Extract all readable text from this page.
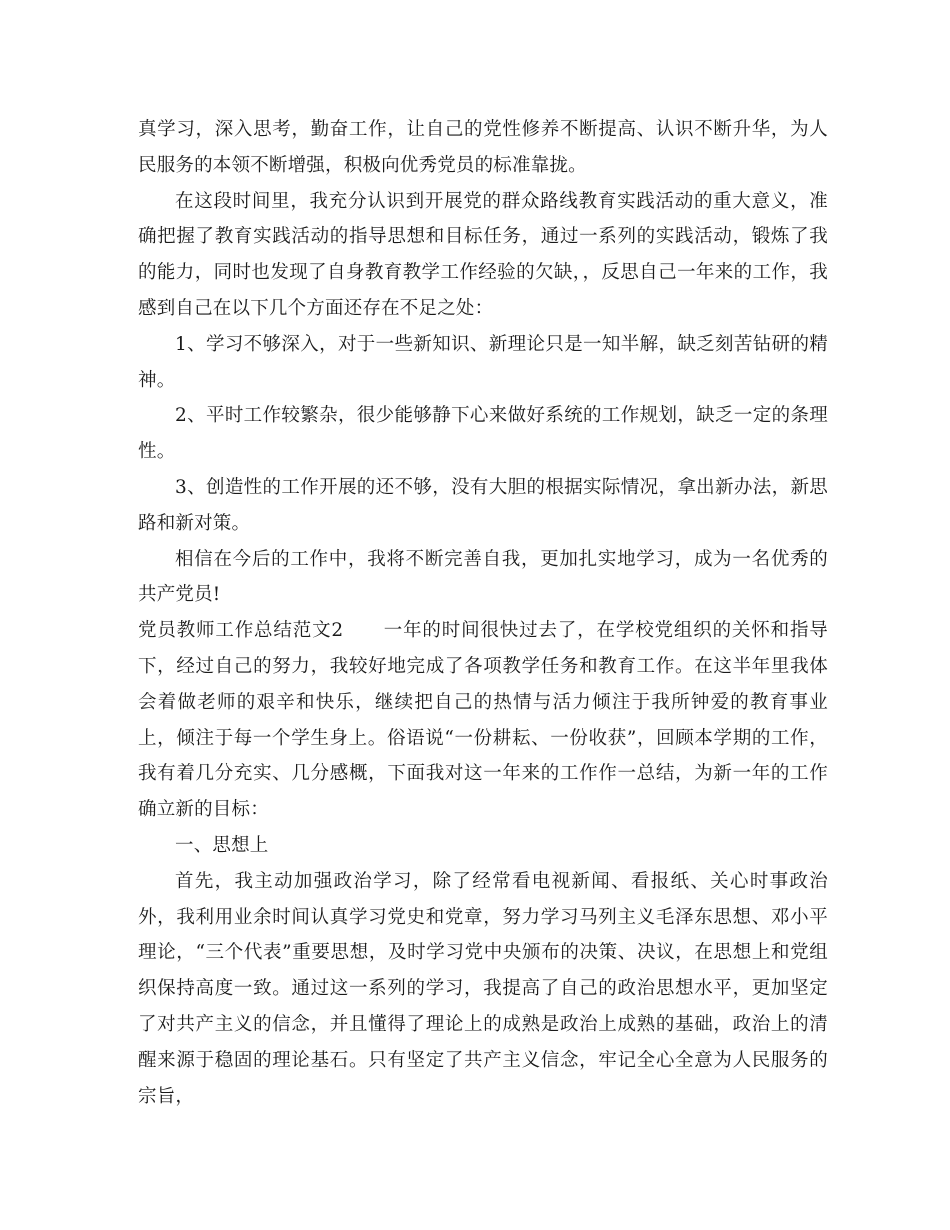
真学习，深入思考，勤奋工作，让自己的党性修养不断提高、认识不断升华，为人民服务的本领不断增强，积极向优秀党员的标准靠拢。

在这段时间里，我充分认识到开展党的群众路线教育实践活动的重大意义，准确把握了教育实践活动的指导思想和目标任务，通过一系列的实践活动，锻炼了我的能力，同时也发现了自身教育教学工作经验的欠缺，，反思自己一年来的工作，我感到自己在以下几个方面还存在不足之处：

1、学习不够深入，对于一些新知识、新理论只是一知半解，缺乏刻苦钻研的精神。

2、平时工作较繁杂，很少能够静下心来做好系统的工作规划，缺乏一定的条理性。

3、创造性的工作开展的还不够，没有大胆的根据实际情况，拿出新办法，新思路和新对策。

相信在今后的工作中，我将不断完善自我，更加扎实地学习，成为一名优秀的共产党员!

党员教师工作总结范文2 一年的时间很快过去了，在学校党组织的关怀和指导下，经过自己的努力，我较好地完成了各项教学任务和教育工作。在这半年里我体会着做老师的艰辛和快乐，继续把自己的热情与活力倾注于我所钟爱的教育事业上，倾注于每一个学生身上。俗语说“一份耕耘、一份收获”，回顾本学期的工作，我有着几分充实、几分感概，下面我对这一年来的工作作一总结，为新一年的工作确立新的目标：

一、思想上

首先，我主动加强政治学习，除了经常看电视新闻、看报纸、关心时事政治外，我利用业余时间认真学习党史和党章，努力学习马列主义毛泽东思想、邓小平理论，“三个代表”重要思想，及时学习党中央颁布的决策、决议，在思想上和党组织保持高度一致。通过这一系列的学习，我提高了自己的政治思想水平，更加坚定了对共产主义的信念，并且懂得了理论上的成熟是政治上成熟的基础，政治上的清醒来源于稳固的理论基石。只有坚定了共产主义信念，牢记全心全意为人民服务的宗旨，
